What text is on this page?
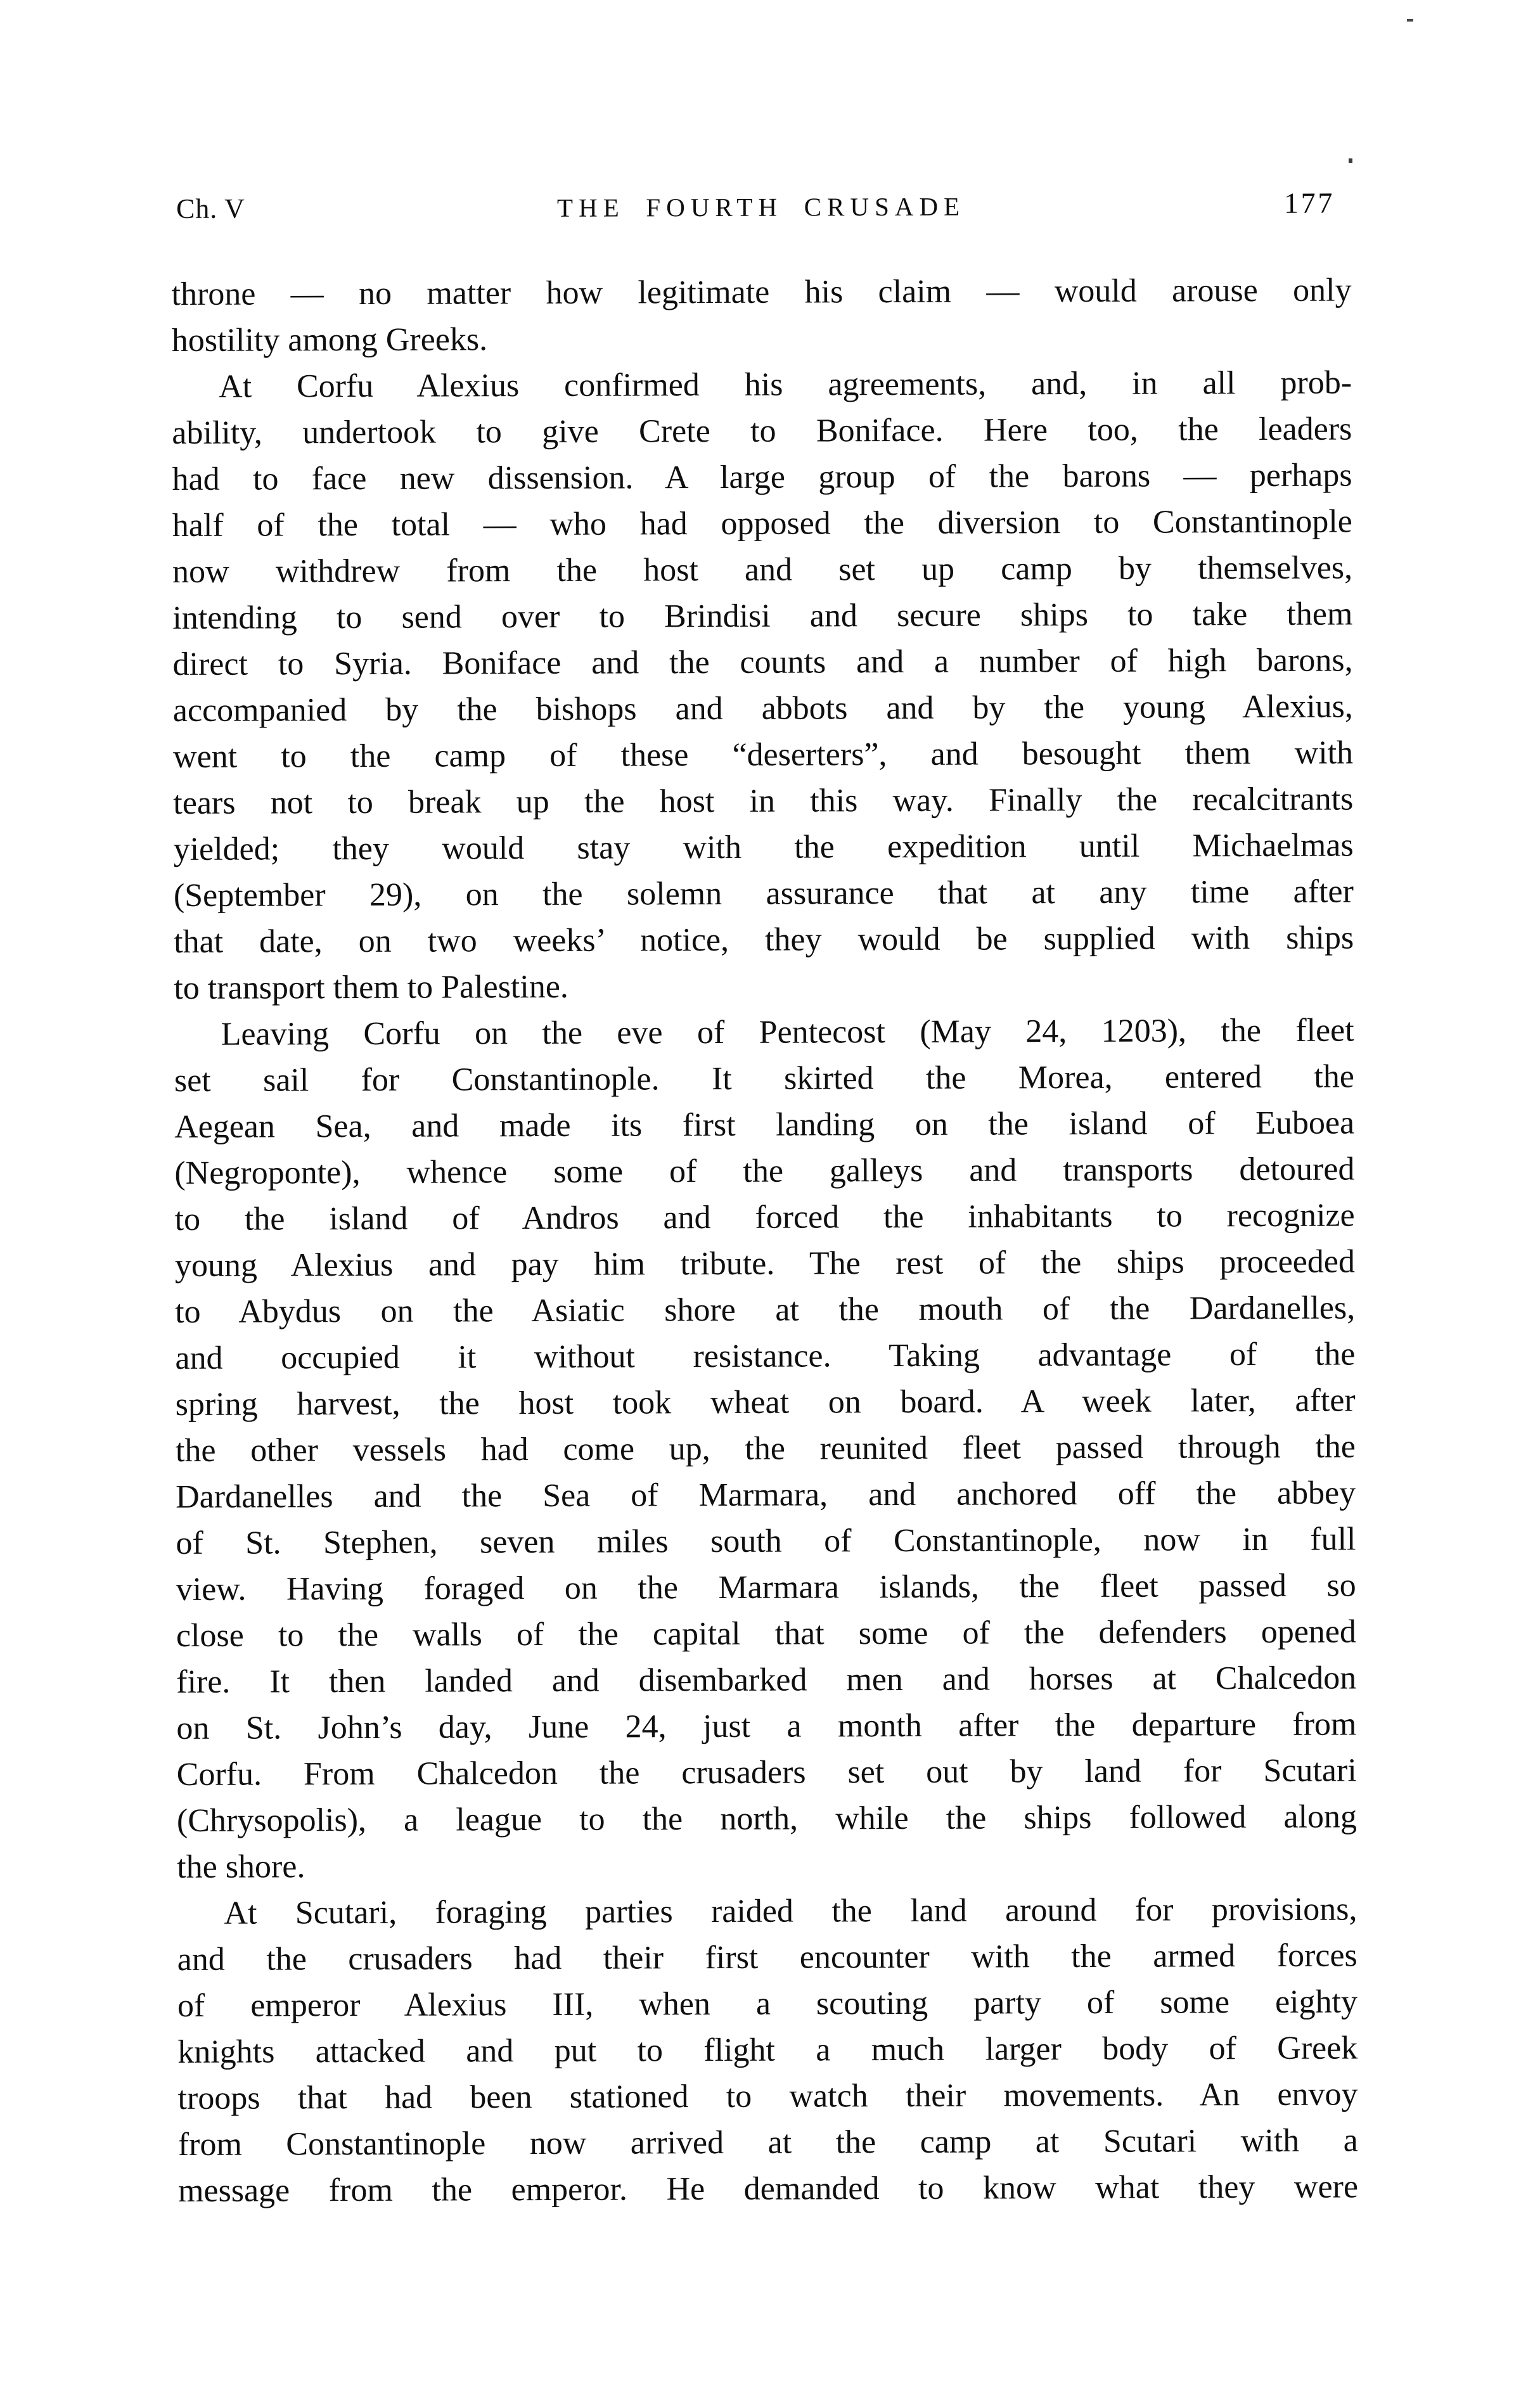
Ch. V	THE FOURTH CRUSADE	177
throne — no matter how legitimate his claim — would arouse only
hostility among Greeks.
At Corfu Alexius confirmed his agreements, and, in all prob-
ability, undertook to give Crete to Boniface. Here too, the leaders
had to face new dissension. A large group of the barons — perhaps
half of the total — who had opposed the diversion to Constantinople
now withdrew from the host and set up camp by themselves,
intending to send over to Brindisi and secure ships to take them
direct to Syria. Boniface and the counts and a number of high barons,
accompanied by the bishops and abbots and by the young Alexius,
went to the camp of these “deserters”, and besought them with
tears not to break up the host in this way. Finally the recalcitrants
yielded; they would stay with the expedition until Michaelmas
(September 29), on the solemn assurance that at any time after
that date, on two weeks’ notice, they would be supplied with ships
to transport them to Palestine.
Leaving Corfu on the eve of Pentecost (May 24, 1203), the fleet
set sail for Constantinople. It skirted the Morea, entered the
Aegean Sea, and made its first landing on the island of Euboea
(Negroponte), whence some of the galleys and transports detoured
to the island of Andros and forced the inhabitants to recognize
young Alexius and pay him tribute. The rest of the ships proceeded
to Abydus on the Asiatic shore at the mouth of the Dardanelles,
and occupied it without resistance. Taking advantage of the
spring harvest, the host took wheat on board. A week later, after
the other vessels had come up, the reunited fleet passed through the
Dardanelles and the Sea of Marmara, and anchored off the abbey
of St. Stephen, seven miles south of Constantinople, now in full
view. Having foraged on the Marmara islands, the fleet passed so
close to the walls of the capital that some of the defenders opened
fire. It then landed and disembarked men and horses at Chalcedon
on St. John’s day, June 24, just a month after the departure from
Corfu. From Chalcedon the crusaders set out by land for Scutari
(Chrysopolis), a league to the north, while the ships followed along
the shore.
At Scutari, foraging parties raided the land around for provisions,
and the crusaders had their first encounter with the armed forces
of emperor Alexius III, when a scouting party of some eighty
knights attacked and put to flight a much larger body of Greek
troops that had been stationed to watch their movements. An envoy
from Constantinople now arrived at the camp at Scutari with a
message from the emperor. He demanded to know what they were
